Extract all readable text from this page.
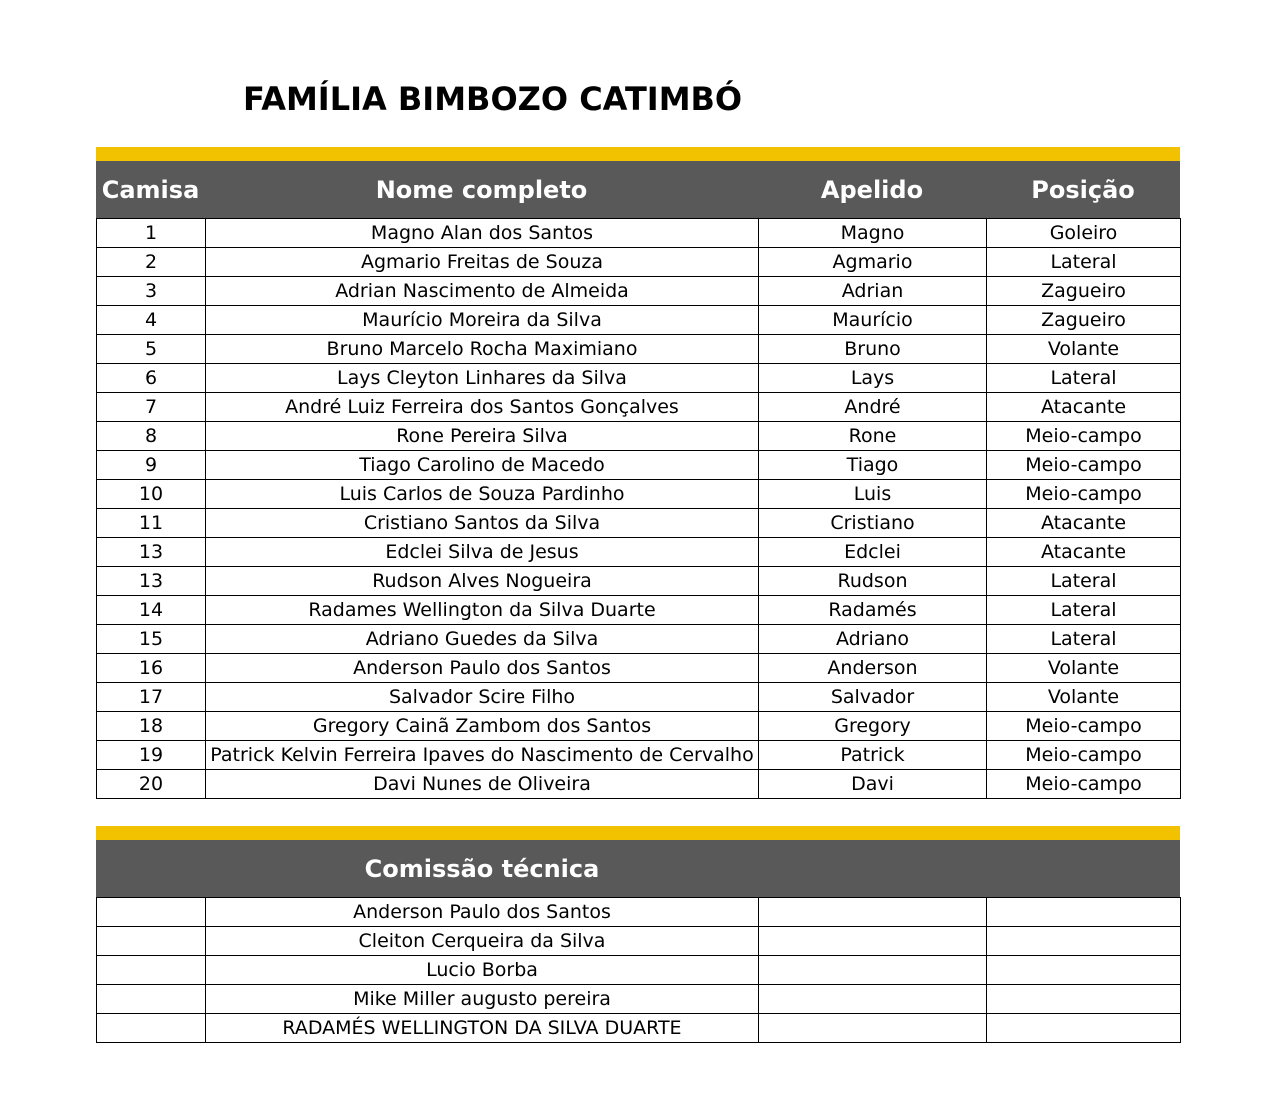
FAMÍLIA BIMBOZO CATIMBÓ
Camisa	Nome completo	Apelido	Posição
1	Magno Alan dos Santos	Magno	Goleiro
2	Agmario Freitas de Souza	Agmario	Lateral
3	Adrian Nascimento de Almeida	Adrian	Zagueiro
4	Maurício Moreira da Silva	Maurício	Zagueiro
5	Bruno Marcelo Rocha Maximiano	Bruno	Volante
6	Lays Cleyton Linhares da Silva	Lays	Lateral
7	André Luiz Ferreira dos Santos Gonçalves	André	Atacante
8	Rone Pereira Silva	Rone	Meio-campo
9	Tiago Carolino de Macedo	Tiago	Meio-campo
10	Luis Carlos de Souza Pardinho	Luis	Meio-campo
11	Cristiano Santos da Silva	Cristiano	Atacante
13	Edclei Silva de Jesus	Edclei	Atacante
13	Rudson Alves Nogueira	Rudson	Lateral
14	Radames Wellington da Silva Duarte	Radamés	Lateral
15	Adriano Guedes da Silva	Adriano	Lateral
16	Anderson Paulo dos Santos	Anderson	Volante
17	Salvador Scire Filho	Salvador	Volante
18	Gregory Cainã Zambom dos Santos	Gregory	Meio-campo
19	Patrick Kelvin Ferreira Ipaves do Nascimento de Cervalho	Patrick	Meio-campo
20	Davi Nunes de Oliveira	Davi	Meio-campo
Comissão técnica
	Anderson Paulo dos Santos		
	Cleiton Cerqueira da Silva		
	Lucio Borba		
	Mike Miller augusto pereira		
	RADAMÉS WELLINGTON DA SILVA DUARTE		
